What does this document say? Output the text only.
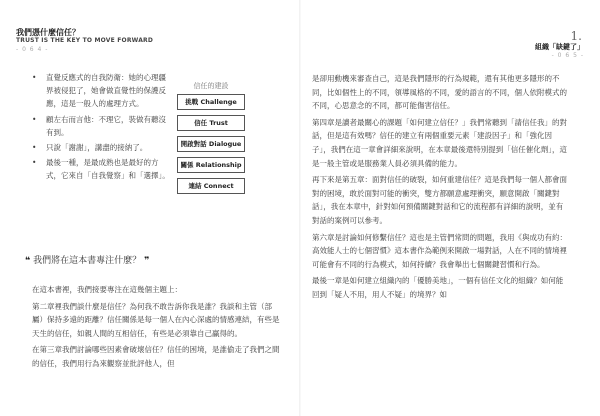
我們憑什麼信任？
TRUST IS THE KEY TO MOVE FORWARD
- 0 6 4 -
1.
組織「缺鍵了」
- 0 6 5 -
• 直覺反應式的自我防衛：她的心理疆界被侵犯了，她會做直覺性的保護反應，這是一般人的處理方式。
• 顧左右而言他：不理它，裝做有聽沒有到。
• 只說「謝謝」，講盡的接納了。
• 最後一種，是最成熟也是最好的方式，它來自「自我覺察」和「選擇」。
信任的建設
挑戰 Challenge
信任 Trust
開啟對話 Dialogue
關係 Relationship
連結 Connect
❝ 我們將在這本書專注什麼？ ❞

在這本書裡，我們接要專注在這幾個主題上：

第二章裡我們談什麼是信任？為何我不敢告訴你我是誰？我談和主管（部屬）保持多遠的距離？信任關係是每一個人在內心深處的情感連結，有些是天生的信任，如親人間的互相信任，有些是必須靠自己贏得的。

在第三章我們討論哪些因素會破壞信任？信任的困境，是誰偷走了我們之間的信任，我們用行為來觀察並批評他人，但

是卻用動機來審查自己，這是我們隱形的行為規範，還有其他更多隱形的不同，比如個性上的不同，領導風格的不同，愛的語言的不同，個人依附模式的不同，心思意念的不同，都可能傷害信任。

第四章是讀者最關心的課題「如何建立信任？」我們常聽到「請信任我」的對話，但是這有效嗎？信任的建立有兩個重要元素「建設因子」和「強化因子」，我們在這一章會詳細來說明，在本章最後還特別提到「信任催化劑」，這是一般主管或是服務業人員必須具備的能力。

再下來是第五章：面對信任的破裂，如何重建信任？這是我們每一個人都會面對的困境，敢於面對可能的衝突，雙方都願意處理衝突，願意開啟「關鍵對話」，我在本章中，針對如何預備關鍵對話和它的流程都有詳細的說明，並有對話的案例可以參考。

第六章是討論如何修繫信任？這也是主管們常問的問題，我用《與成功有約：高效能人士的七個習慣》這本書作為範例來開啟一場對話，人在不同的情境裡可能會有不同的行為模式，如何持續？我會舉出七個關鍵習慣和行為。

最後一章是如何建立組織內的「優勝美地」，一個有信任文化的組織？如何能回到「疑人不用，用人不疑」的境界？如
